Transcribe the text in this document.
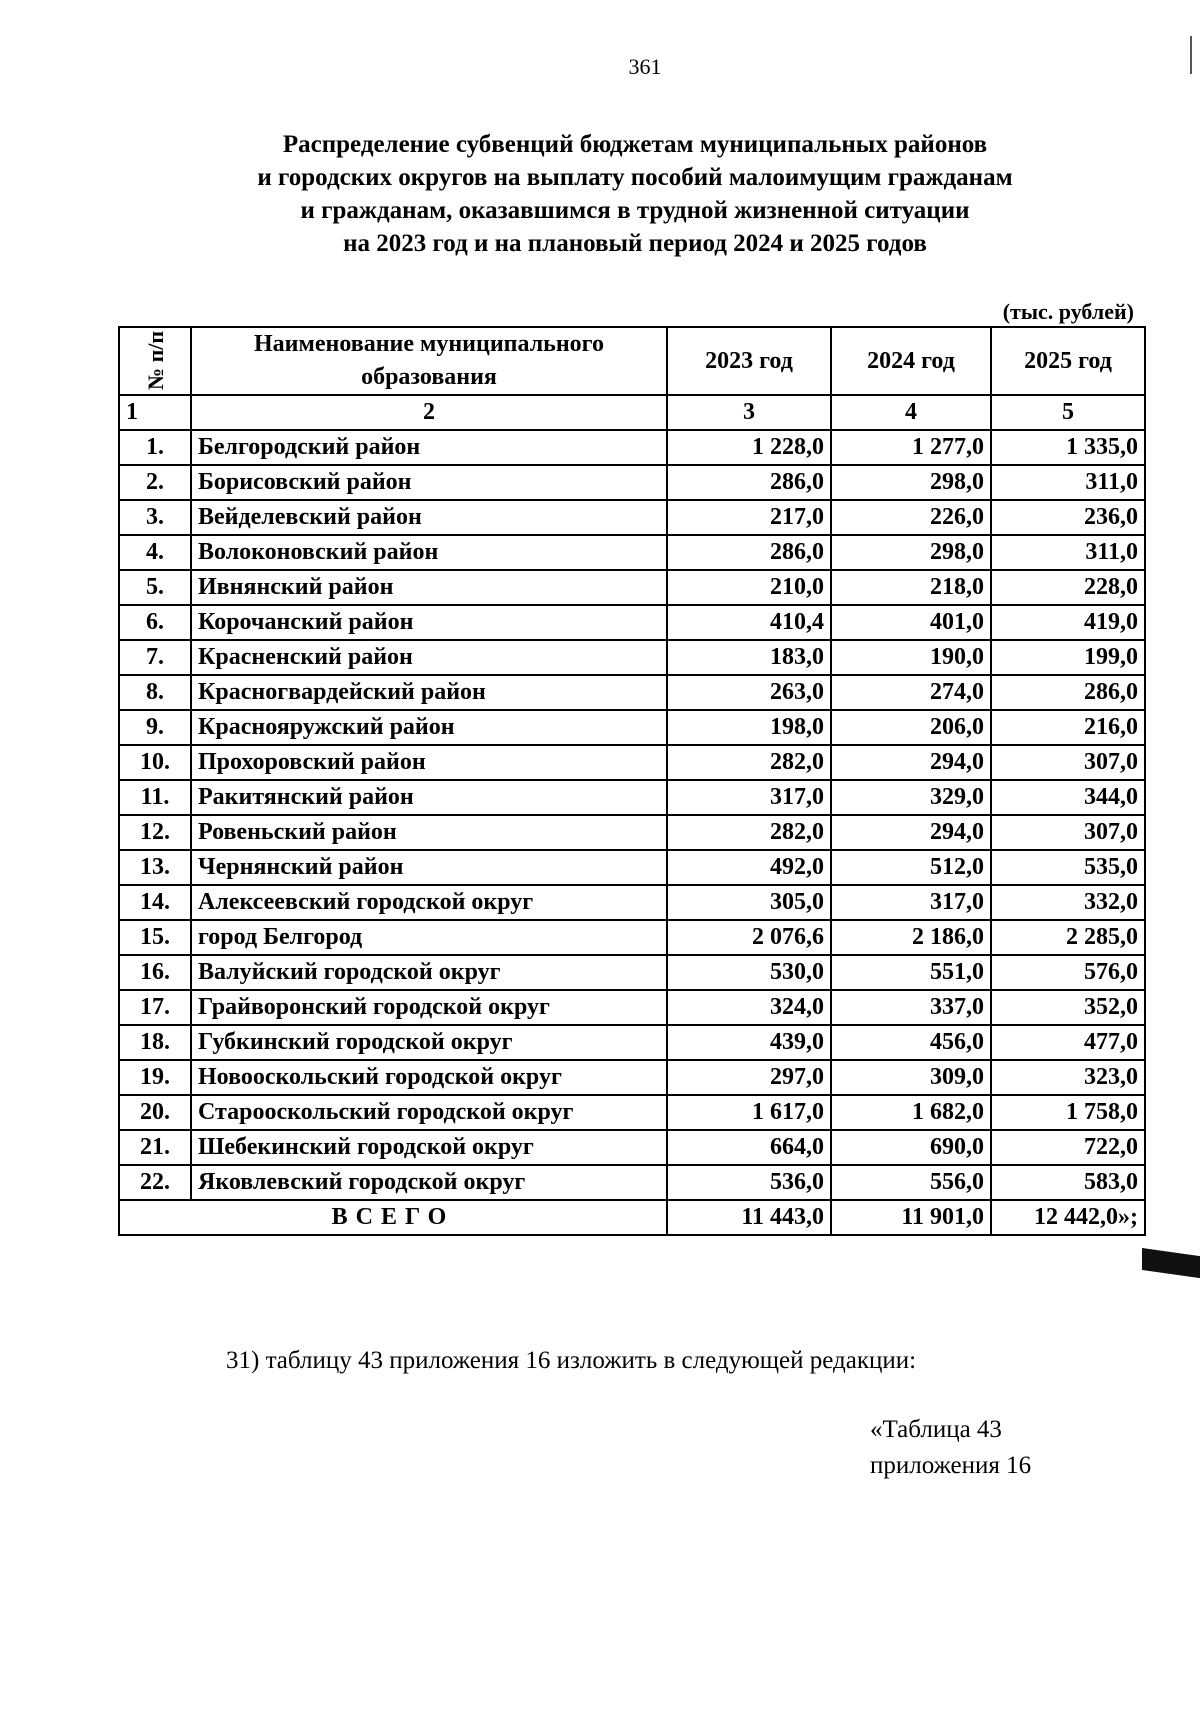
361
Распределение субвенций бюджетам муниципальных районов
и городских округов на выплату пособий малоимущим гражданам
и гражданам, оказавшимся в трудной жизненной ситуации
на 2023 год и на плановый период 2024 и 2025 годов
(тыс. рублей)
№ п/п	Наименование муниципального образования	2023 год	2024 год	2025 год
1	2	3	4	5
1.	Белгородский район	1 228,0	1 277,0	1 335,0
2.	Борисовский район	286,0	298,0	311,0
3.	Вейделевский район	217,0	226,0	236,0
4.	Волоконовский район	286,0	298,0	311,0
5.	Ивнянский район	210,0	218,0	228,0
6.	Корочанский район	410,4	401,0	419,0
7.	Красненский район	183,0	190,0	199,0
8.	Красногвардейский район	263,0	274,0	286,0
9.	Краснояружский район	198,0	206,0	216,0
10.	Прохоровский район	282,0	294,0	307,0
11.	Ракитянский район	317,0	329,0	344,0
12.	Ровеньский район	282,0	294,0	307,0
13.	Чернянский район	492,0	512,0	535,0
14.	Алексеевский городской округ	305,0	317,0	332,0
15.	город Белгород	2 076,6	2 186,0	2 285,0
16.	Валуйский городской округ	530,0	551,0	576,0
17.	Грайворонский городской округ	324,0	337,0	352,0
18.	Губкинский городской округ	439,0	456,0	477,0
19.	Новооскольский городской округ	297,0	309,0	323,0
20.	Старооскольский городской округ	1 617,0	1 682,0	1 758,0
21.	Шебекинский городской округ	664,0	690,0	722,0
22.	Яковлевский городской округ	536,0	556,0	583,0
ВСЕГО		11 443,0	11 901,0	12 442,0»;
31) таблицу 43 приложения 16 изложить в следующей редакции:
«Таблица 43
приложения 16
